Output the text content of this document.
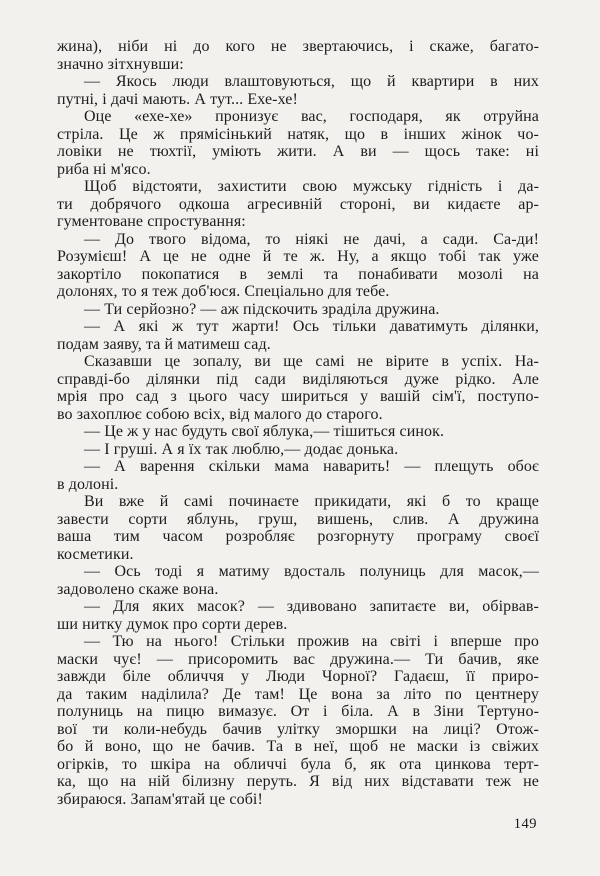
жина), ніби ні до кого не звертаючись, і скаже, багато-
значно зітхнувши:
— Якось люди влаштовуються, що й квартири в них
путні, і дачі мають. А тут... Ехе-хе!
Оце «ехе-хе» пронизує вас, господаря, як отруйна
стріла. Це ж прямісінький натяк, що в інших жінок чо-
ловіки не тюхтії, уміють жити. А ви — щось таке: ні
риба ні м'ясо.
Щоб відстояти, захистити свою мужську гідність і да-
ти добрячого одкоша агресивній стороні, ви кидаєте ар-
гументоване спростування:
— До твого відома, то ніякі не дачі, а сади. Са-ди!
Розумієш! А це не одне й те ж. Ну, а якщо тобі так уже
закортіло покопатися в землі та понабивати мозолі на
долонях, то я теж доб'юся. Спеціально для тебе.
— Ти серйозно? — аж підскочить зраділа дружина.
— А які ж тут жарти! Ось тільки даватимуть ділянки,
подам заяву, та й матимеш сад.
Сказавши це зопалу, ви ще самі не вірите в успіх. На-
справді-бо ділянки під сади виділяються дуже рідко. Але
мрія про сад з цього часу шириться у вашій сім'ї, поступо-
во захоплює собою всіх, від малого до старого.
— Це ж у нас будуть свої яблука,— тішиться синок.
— І груші. А я їх так люблю,— додає донька.
— А варення скільки мама наварить! — плещуть обоє
в долоні.
Ви вже й самі починаєте прикидати, які б то краще
завести сорти яблунь, груш, вишень, слив. А дружина
ваша тим часом розробляє розгорнуту програму своєї
косметики.
— Ось тоді я матиму вдосталь полуниць для масок,—
задоволено скаже вона.
— Для яких масок? — здивовано запитаєте ви, обірвав-
ши нитку думок про сорти дерев.
— Тю на нього! Стільки прожив на світі і вперше про
маски чує! — присоромить вас дружина.— Ти бачив, яке
завжди біле обличчя у Люди Чорної? Гадаєш, її приро-
да таким наділила? Де там! Це вона за літо по центнеру
полуниць на пицю вимазує. От і біла. А в Зіни Тертуно-
вої ти коли-небудь бачив улітку зморшки на лиці? Отож-
бо й воно, що не бачив. Та в неї, щоб не маски із свіжих
огірків, то шкіра на обличчі була б, як ота цинкова терт-
ка, що на ній білизну перуть. Я від них відставати теж не
збираюся. Запам'ятай це собі!
149
